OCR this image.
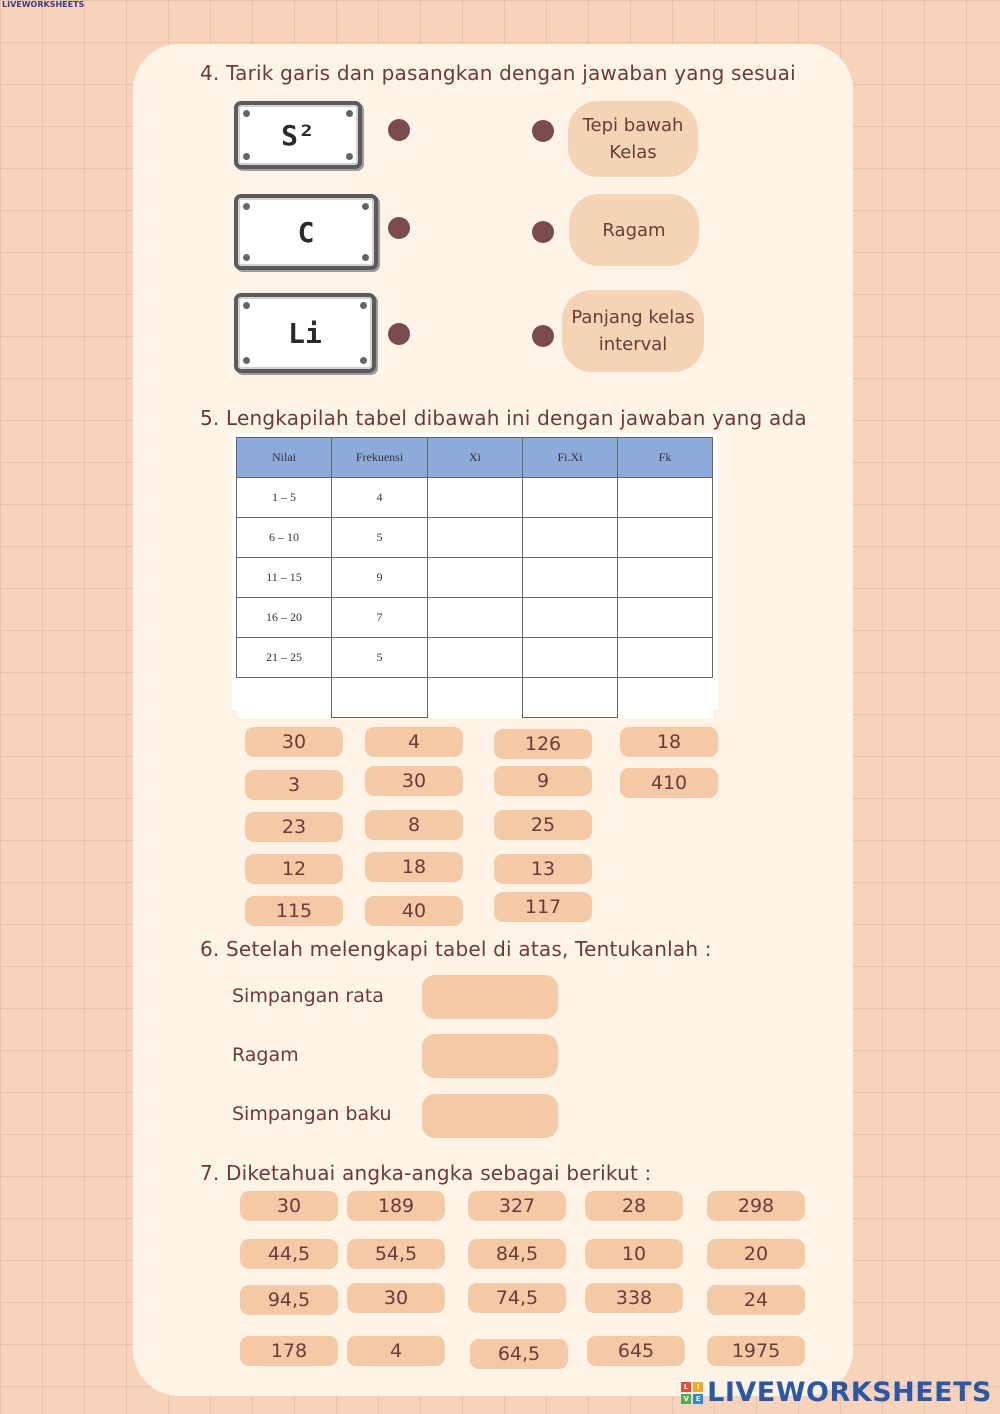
LIVEWORKSHEETS
4. Tarik garis dan pasangkan dengan jawaban yang sesuai
S²
C
Li
Tepi bawah Kelas
Ragam
Panjang kelas interval
5. Lengkapilah tabel dibawah ini dengan jawaban yang ada
Nilai	Frekuensi	Xi	Fi.Xi	Fk
1 – 5	4			
6 – 10	5			
11 – 15	9			
16 – 20	7			
21 – 25	5			

30	4	126	18
3	30	9	410
23	8	25
12	18	13
115	40	117
6. Setelah melengkapi tabel di atas, Tentukanlah :
Simpangan rata
Ragam
Simpangan baku
7. Diketahuai angka-angka sebagai berikut :
30	189	327	28	298
44,5	54,5	84,5	10	20
94,5	30	74,5	338	24
178	4	64,5	645	1975
L	I
V E LIVEWORKSHEETS
